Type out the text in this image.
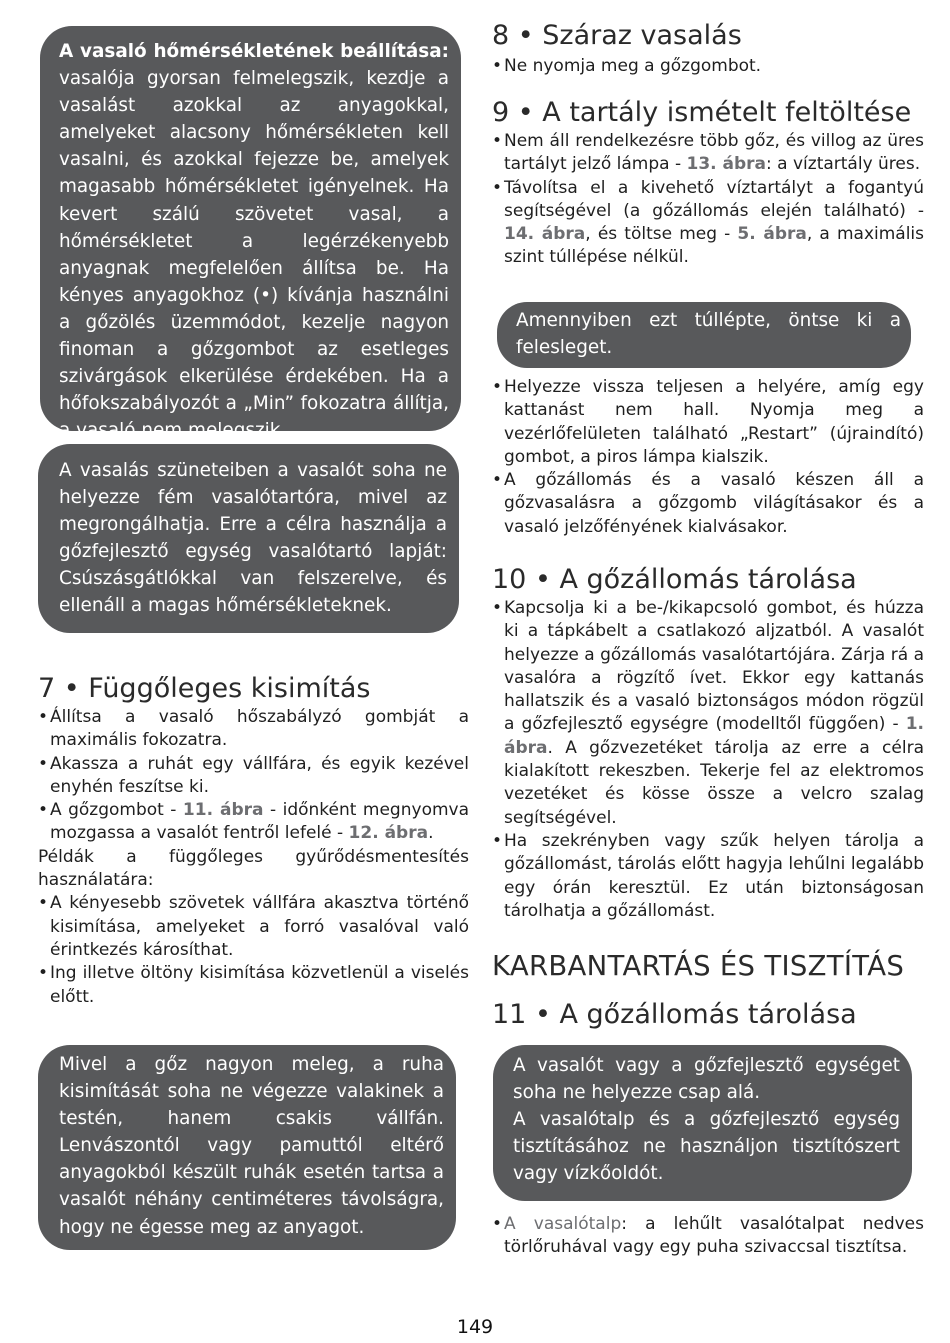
A vasaló hőmérsékletének beállítása: vasalója gyorsan felmelegszik, kezdje a vasalást azokkal az anyagokkal, amelyeket alacsony hőmérsékleten kell vasalni, és azokkal fejezze be, amelyek magasabb hőmérsékletet igényelnek. Ha kevert szálú szövetet vasal, a hőmérsékletet a legérzékenyebb anyagnak megfelelően állítsa be. Ha kényes anyagokhoz (•) kívánja használni a gőzölés üzemmódot, kezelje nagyon finoman a gőzgombot az esetleges szivárgások elkerülése érdekében. Ha a hőfokszabályozót a „Min” fokozatra állítja, a vasaló nem melegszik.

A vasalás szüneteiben a vasalót soha ne helyezze fém vasalótartóra, mivel az megrongálhatja. Erre a célra használja a gőzfejlesztő egység vasalótartó lapját: Csúszásgátlókkal van felszerelve, és ellenáll a magas hőmérsékleteknek.

7 • Függőleges kisimítás
• Állítsa a vasaló hőszabályzó gombját a maximális fokozatra.
• Akassza a ruhát egy vállfára, és egyik kezével enyhén feszítse ki.
• A gőzgombot - 11. ábra - időnként megnyomva mozgassa a vasalót fentről lefelé - 12. ábra.

Példák a függőleges gyűrődésmentesítés használatára:

• A kényesebb szövetek vállfára akasztva történő kisimítása, amelyeket a forró vasalóval való érintkezés károsíthat.
• Ing illetve öltöny kisimítása közvetlenül a viselés előtt.

Mivel a gőz nagyon meleg, a ruha kisimítását soha ne végezze valakinek a testén, hanem csakis vállfán. Lenvászontól vagy pamuttól eltérő anyagokból készült ruhák esetén tartsa a vasalót néhány centiméteres távolságra, hogy ne égesse meg az anyagot.

8 • Száraz vasalás
• Ne nyomja meg a gőzgombot.
9 • A tartály ismételt feltöltése
• Nem áll rendelkezésre több gőz, és villog az üres tartályt jelző lámpa - 13. ábra: a víztartály üres.
• Távolítsa el a kivehető víztartályt a fogantyú segítségével (a gőzállomás elején található) - 14. ábra, és töltse meg - 5. ábra, a maximális szint túllépése nélkül.

Amennyiben ezt túllépte, öntse ki a felesleget.

• Helyezze vissza teljesen a helyére, amíg egy kattanást nem hall. Nyomja meg a vezérlőfelületen található „Restart” (újraindító) gombot, a piros lámpa kialszik.
• A gőzállomás és a vasaló készen áll a gőzvasalásra a gőzgomb világításakor és a vasaló jelzőfényének kialvásakor.
10 • A gőzállomás tárolása
• Kapcsolja ki a be-/kikapcsoló gombot, és húzza ki a tápkábelt a csatlakozó aljzatból. A vasalót helyezze a gőzállomás vasalótartójára. Zárja rá a vasalóra a rögzítő ívet. Ekkor egy kattanás hallatszik és a vasaló biztonságos módon rögzül a gőzfejlesztő egységre (modelltől függően) - 1. ábra. A gőzvezetéket tárolja az erre a célra kialakított rekeszben. Tekerje fel az elektromos vezetéket és kösse össze a velcro szalag segítségével.
• Ha szekrényben vagy szűk helyen tárolja a gőzállomást, tárolás előtt hagyja lehűlni legalább egy órán keresztül. Ez után biztonságosan tárolhatja a gőzállomást.
KARBANTARTÁS ÉS TISZTÍTÁS
11 • A gőzállomás tárolása

A vasalót vagy a gőzfejlesztő egységet soha ne helyezze csap alá.

A vasalótalp és a gőzfejlesztő egység tisztításához ne használjon tisztítószert vagy vízkőoldót.

• A vasalótalp: a lehűlt vasalótalpat nedves törlőruhával vagy egy puha szivaccsal tisztítsa.
149
